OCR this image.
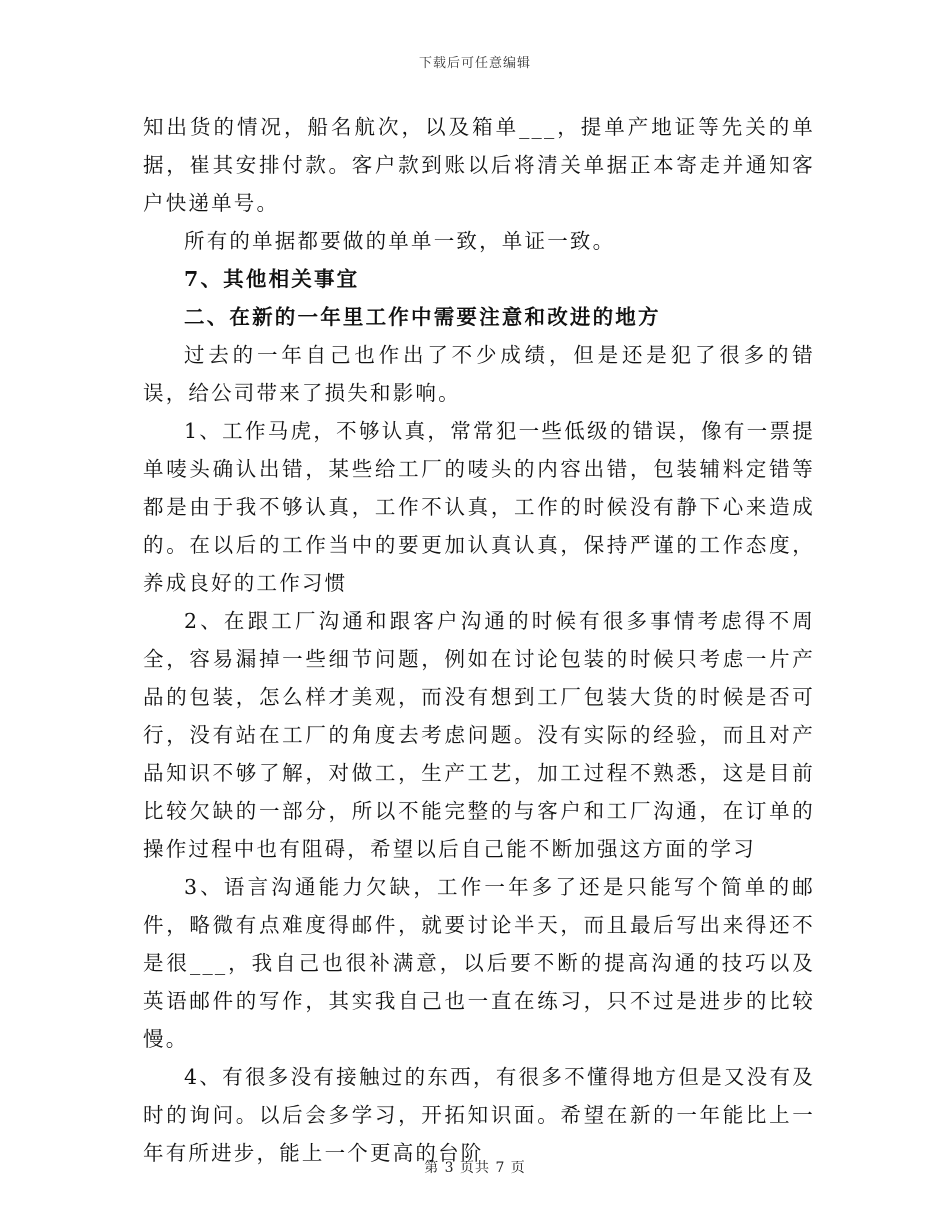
下载后可任意编辑

知出货的情况，船名航次，以及箱单___，提单产地证等先关的单据，崔其安排付款。客户款到账以后将清关单据正本寄走并通知客户快递单号。

所有的单据都要做的单单一致，单证一致。

7、其他相关事宜

二、在新的一年里工作中需要注意和改进的地方

过去的一年自己也作出了不少成绩，但是还是犯了很多的错误，给公司带来了损失和影响。

1、工作马虎，不够认真，常常犯一些低级的错误，像有一票提单唛头确认出错，某些给工厂的唛头的内容出错，包装辅料定错等都是由于我不够认真，工作不认真，工作的时候没有静下心来造成的。在以后的工作当中的要更加认真认真，保持严谨的工作态度，养成良好的工作习惯

2、在跟工厂沟通和跟客户沟通的时候有很多事情考虑得不周全，容易漏掉一些细节问题，例如在讨论包装的时候只考虑一片产品的包装，怎么样才美观，而没有想到工厂包装大货的时候是否可行，没有站在工厂的角度去考虑问题。没有实际的经验，而且对产品知识不够了解，对做工，生产工艺，加工过程不熟悉，这是目前比较欠缺的一部分，所以不能完整的与客户和工厂沟通，在订单的操作过程中也有阻碍，希望以后自己能不断加强这方面的学习

3、语言沟通能力欠缺，工作一年多了还是只能写个简单的邮件，略微有点难度得邮件，就要讨论半天，而且最后写出来得还不是很___，我自己也很补满意，以后要不断的提高沟通的技巧以及英语邮件的写作，其实我自己也一直在练习，只不过是进步的比较慢。

4、有很多没有接触过的东西，有很多不懂得地方但是又没有及时的询问。以后会多学习，开拓知识面。希望在新的一年能比上一年有所进步，能上一个更高的台阶

第 3 页共 7 页
